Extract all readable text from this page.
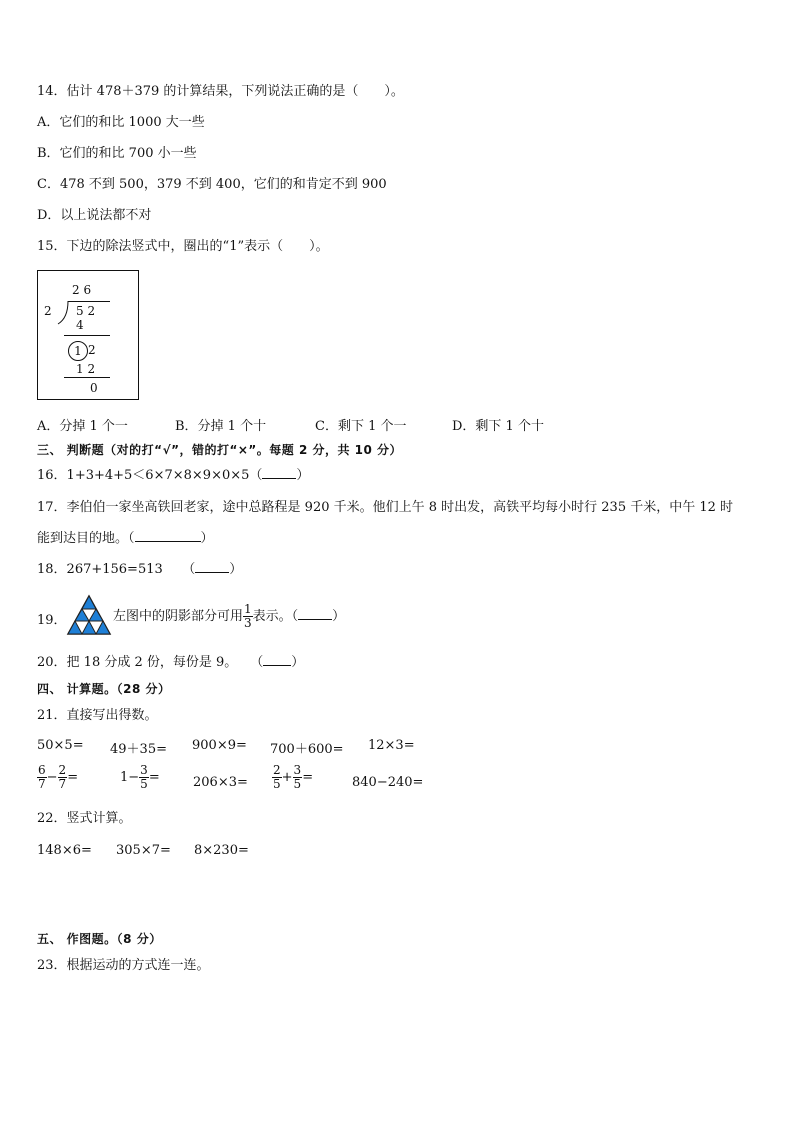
14．估计 478＋379 的计算结果，下列说法正确的是（　　）。
A．它们的和比 1000 大一些
B．它们的和比 700 小一些
C．478 不到 500，379 不到 400，它们的和肯定不到 900
D．以上说法都不对
15．下边的除法竖式中，圈出的“1”表示（　　）。
2 6
2 5 2
4
1 2
1 2
0
A．分掉 1 个一	B．分掉 1 个十	C．剩下 1 个一	D．剩下 1 个十
三、 判断题（对的打“√”，错的打“×”。每题 2 分，共 10 分）
16．1+3+4+5＜6×7×8×9×0×5（	）
17．李伯伯一家坐高铁回老家，途中总路程是 920 千米。他们上午 8 时出发，高铁平均每小时行 235 千米，中午 12 时
能到达目的地。（	）
18．267+156=513　　（	）
19．	左图中的阴影部分可用 $\frac{1}{3}$ 表示。（	）
20．把 18 分成 2 份，每份是 9。　　（ ）
四、 计算题。（28 分）
21．直接写出得数。
50×5= 49＋35= 900×9= 700＋600= 12×3=
$\frac{6}{7} - \frac{2}{7}$ =	$1- \frac{3}{5}$ =	$206\times 3= \frac{2}{5} + \frac{3}{5}$ =	840−240=
22．竖式计算。
148×6= 305×7= 8×230=
五、 作图题。（8 分）
23．根据运动的方式连一连。
